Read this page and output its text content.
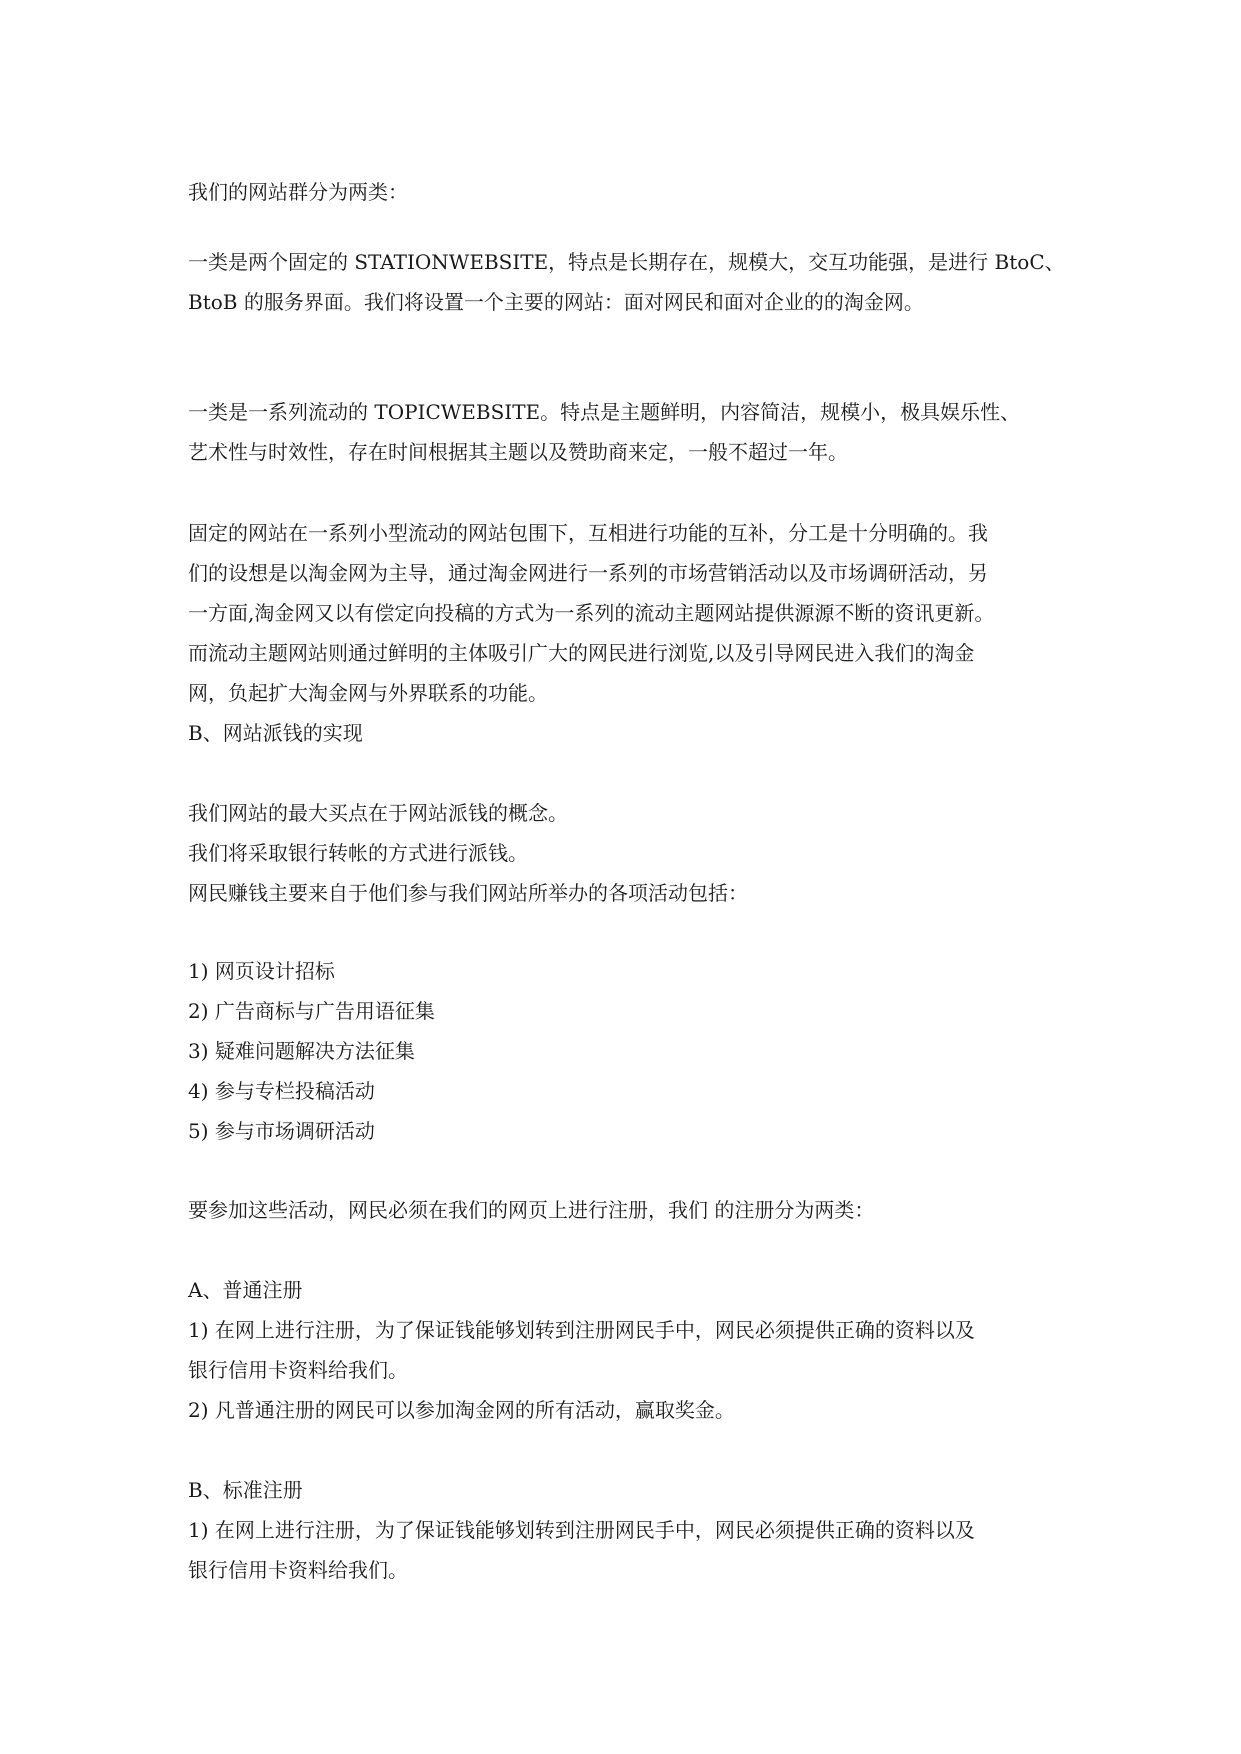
我们的网站群分为两类：
一类是两个固定的 STATIONWEBSITE，特点是长期存在，规模大，交互功能强，是进行 BtoC、
BtoB 的服务界面。我们将设置一个主要的网站：面对网民和面对企业的的淘金网。
一类是一系列流动的 TOPICWEBSITE。特点是主题鲜明，内容简洁，规模小，极具娱乐性、
艺术性与时效性，存在时间根据其主题以及赞助商来定，一般不超过一年。
固定的网站在一系列小型流动的网站包围下，互相进行功能的互补，分工是十分明确的。我
们的设想是以淘金网为主导，通过淘金网进行一系列的市场营销活动以及市场调研活动，另
一方面,淘金网又以有偿定向投稿的方式为一系列的流动主题网站提供源源不断的资讯更新。
而流动主题网站则通过鲜明的主体吸引广大的网民进行浏览,以及引导网民进入我们的淘金
网，负起扩大淘金网与外界联系的功能。
B、网站派钱的实现
我们网站的最大买点在于网站派钱的概念。
我们将采取银行转帐的方式进行派钱。
网民赚钱主要来自于他们参与我们网站所举办的各项活动包括：
1) 网页设计招标
2) 广告商标与广告用语征集
3) 疑难问题解决方法征集
4) 参与专栏投稿活动
5) 参与市场调研活动
要参加这些活动，网民必须在我们的网页上进行注册，我们 的注册分为两类：
A、普通注册
1) 在网上进行注册，为了保证钱能够划转到注册网民手中，网民必须提供正确的资料以及
银行信用卡资料给我们。
2) 凡普通注册的网民可以参加淘金网的所有活动，赢取奖金。
B、标准注册
1) 在网上进行注册，为了保证钱能够划转到注册网民手中，网民必须提供正确的资料以及
银行信用卡资料给我们。
